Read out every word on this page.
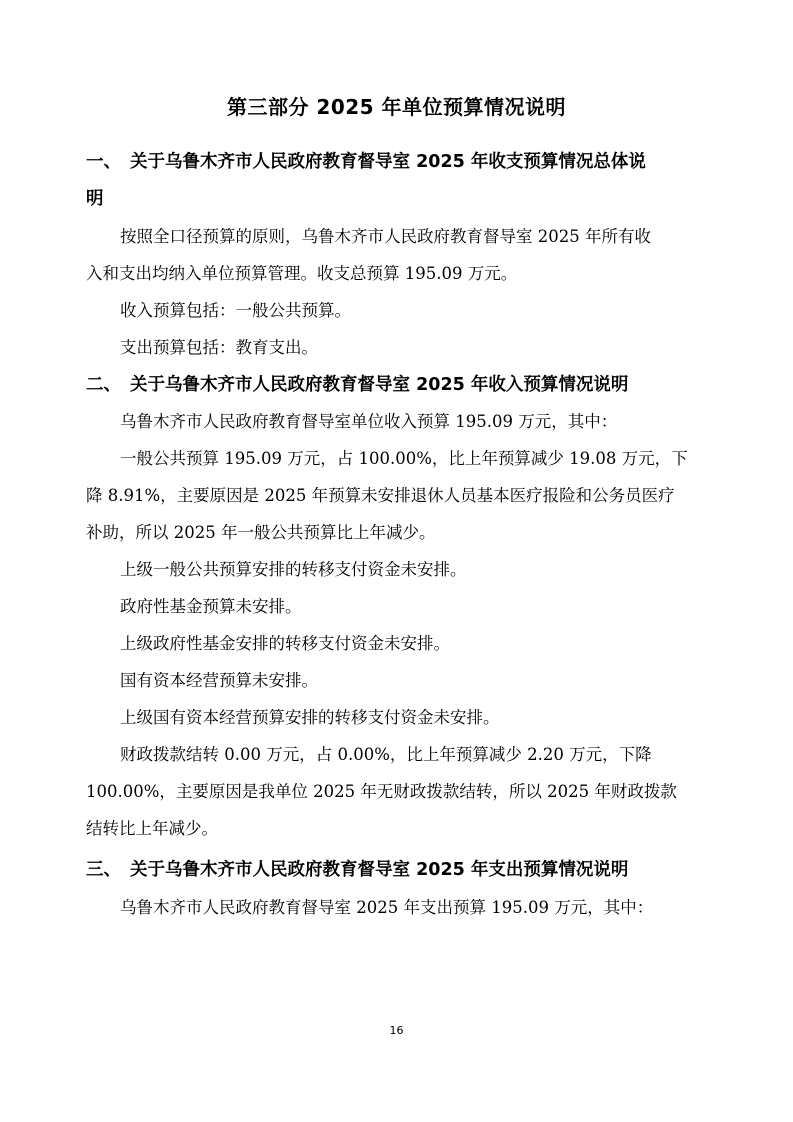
第三部分 2025 年单位预算情况说明
一、 关于乌鲁木齐市人民政府教育督导室 2025 年收支预算情况总体说
明
按照全口径预算的原则，乌鲁木齐市人民政府教育督导室 2025 年所有收
入和支出均纳入单位预算管理。收支总预算 195.09 万元。
收入预算包括：一般公共预算。
支出预算包括：教育支出。
二、 关于乌鲁木齐市人民政府教育督导室 2025 年收入预算情况说明
乌鲁木齐市人民政府教育督导室单位收入预算 195.09 万元，其中：
一般公共预算 195.09 万元，占 100.00%，比上年预算减少 19.08 万元，下
降 8.91%，主要原因是 2025 年预算未安排退休人员基本医疗报险和公务员医疗
补助，所以 2025 年一般公共预算比上年减少。
上级一般公共预算安排的转移支付资金未安排。
政府性基金预算未安排。
上级政府性基金安排的转移支付资金未安排。
国有资本经营预算未安排。
上级国有资本经营预算安排的转移支付资金未安排。
财政拨款结转 0.00 万元，占 0.00%，比上年预算减少 2.20 万元，下降
100.00%，主要原因是我单位 2025 年无财政拨款结转，所以 2025 年财政拨款
结转比上年减少。
三、 关于乌鲁木齐市人民政府教育督导室 2025 年支出预算情况说明
乌鲁木齐市人民政府教育督导室 2025 年支出预算 195.09 万元，其中：
16
